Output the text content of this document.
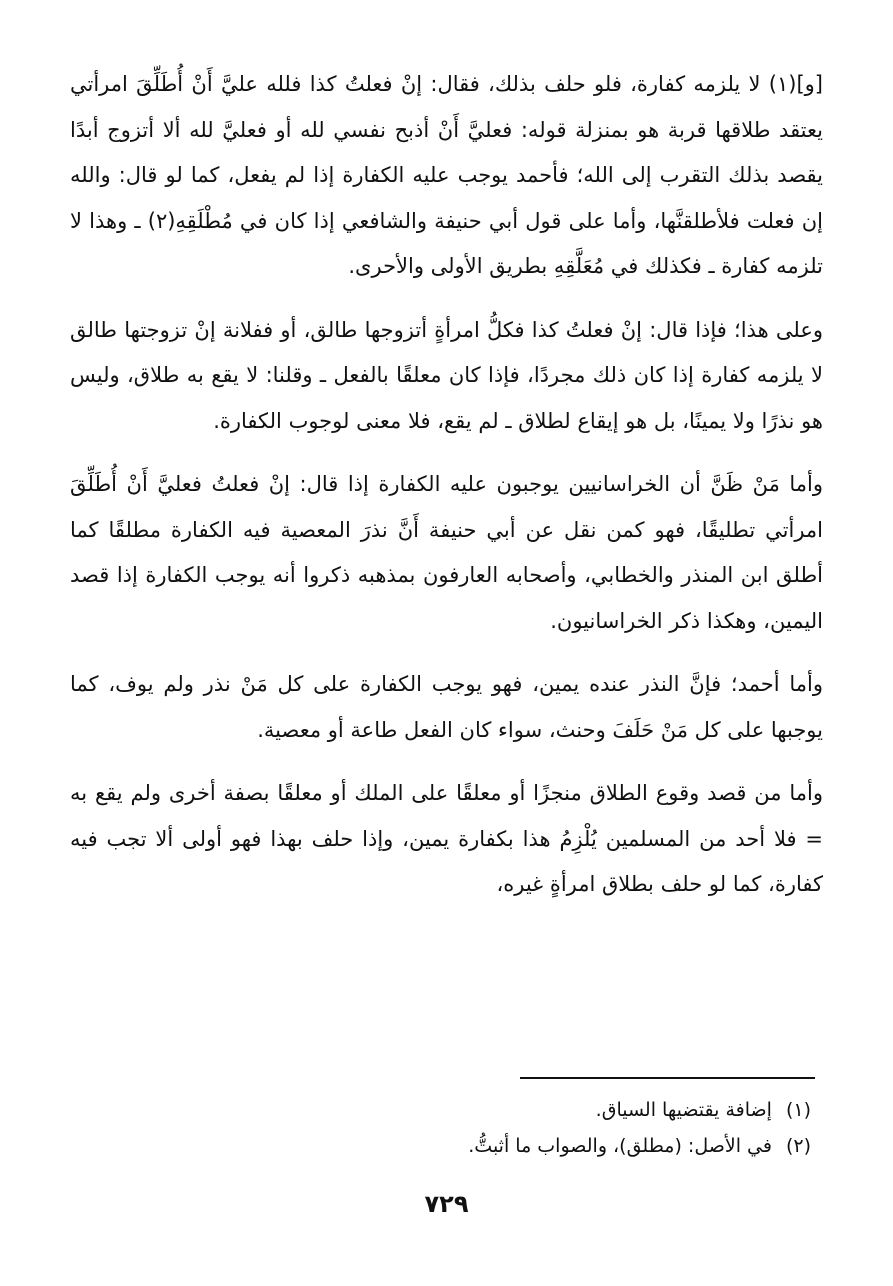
[و](١) لا يلزمه كفارة، فلو حلف بذلك، فقال: إنْ فعلتُ كذا فلله عليَّ أَنْ أُطَلِّقَ امرأتي يعتقد طلاقها قربة هو بمنزلة قوله: فعليَّ أَنْ أذبح نفسي لله أو فعليَّ لله ألا أتزوج أبدًا يقصد بذلك التقرب إلى الله؛ فأحمد يوجب عليه الكفارة إذا لم يفعل، كما لو قال: والله إن فعلت فلأطلقنَّها، وأما على قول أبي حنيفة والشافعي إذا كان في مُطْلَقِهِ(٢) ـ وهذا لا تلزمه كفارة ـ فكذلك في مُعَلَّقِهِ بطريق الأولى والأحرى.

وعلى هذا؛ فإذا قال: إنْ فعلتُ كذا فكلُّ امرأةٍ أتزوجها طالق، أو ففلانة إنْ تزوجتها طالق لا يلزمه كفارة إذا كان ذلك مجردًا، فإذا كان معلقًا بالفعل ـ وقلنا: لا يقع به طلاق، وليس هو نذرًا ولا يمينًا، بل هو إيقاع لطلاق ـ لم يقع، فلا معنى لوجوب الكفارة.

وأما مَنْ ظَنَّ أن الخراسانيين يوجبون عليه الكفارة إذا قال: إنْ فعلتُ فعليَّ أَنْ أُطَلِّقَ امرأتي تطليقًا، فهو كمن نقل عن أبي حنيفة أَنَّ نذرَ المعصية فيه الكفارة مطلقًا كما أطلق ابن المنذر والخطابي، وأصحابه العارفون بمذهبه ذكروا أنه يوجب الكفارة إذا قصد اليمين، وهكذا ذكر الخراسانيون.

وأما أحمد؛ فإنَّ النذر عنده يمين، فهو يوجب الكفارة على كل مَنْ نذر ولم يوف، كما يوجبها على كل مَنْ حَلَفَ وحنث، سواء كان الفعل طاعة أو معصية.

وأما من قصد وقوع الطلاق منجزًا أو معلقًا على الملك أو معلقًا بصفة أخرى ولم يقع به = فلا أحد من المسلمين يُلْزِمُ هذا بكفارة يمين، وإذا حلف بهذا فهو أولى ألا تجب فيه كفارة، كما لو حلف بطلاق امرأةٍ غيره،

(١)إضافة يقتضيها السياق.

(٢)في الأصل: (مطلق)، والصواب ما أثبتُّ.

٧٢٩
